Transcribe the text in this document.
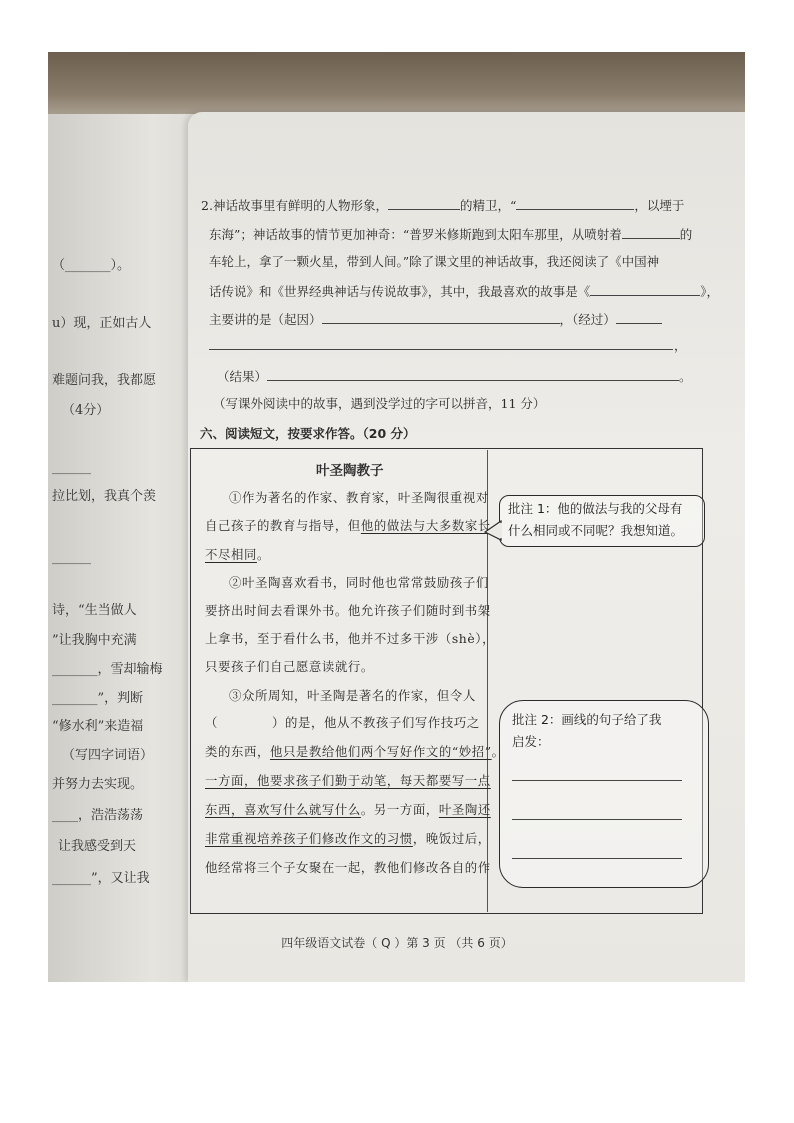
（_______）。
u）现，正如古人
难题问我，我都愿
（4分）
______
拉比划，我真个羡
______
诗，“生当做人
”让我胸中充满
_______，雪却输梅
_______”，判断
“修水利”来造福
（写四字词语）
并努力去实现。
____，浩浩荡荡
让我感受到天
______”，又让我
2.神话故事里有鲜明的人物形象，	的精卫，“	，以堙于
东海”；神话故事的情节更加神奇：“普罗米修斯跑到太阳车那里，从喷射着	的
车轮上，拿了一颗火星，带到人间。”除了课文里的神话故事，我还阅读了《中国神
话传说》和《世界经典神话与传说故事》，其中，我最喜欢的故事是《	》，
主要讲的是（起因）	，（经过）
，
（结果）	。
（写课外阅读中的故事，遇到没学过的字可以拼音，11 分）
六、阅读短文，按要求作答。（20 分）
叶圣陶教子
①作为著名的作家、教育家，叶圣陶很重视对
自己孩子的教育与指导，但他的做法与大多数家长
不尽相同。
②叶圣陶喜欢看书，同时他也常常鼓励孩子们
要挤出时间去看课外书。他允许孩子们随时到书架
上拿书，至于看什么书，他并不过多干涉（shè），
只要孩子们自己愿意读就行。
③众所周知，叶圣陶是著名的作家，但令人
（	）的是，他从不教孩子们写作技巧之
类的东西，他只是教给他们两个写好作文的“妙招”。
一方面，他要求孩子们勤于动笔，每天都要写一点
东西，喜欢写什么就写什么。另一方面，叶圣陶还
非常重视培养孩子们修改作文的习惯，晚饭过后，
他经常将三个子女聚在一起，教他们修改各自的作
批注 1：他的做法与我的父母有
什么相同或不同呢？我想知道。
批注 2：画线的句子给了我
启发：
四年级语文试卷（ Q ）第 3 页 （共 6 页）
